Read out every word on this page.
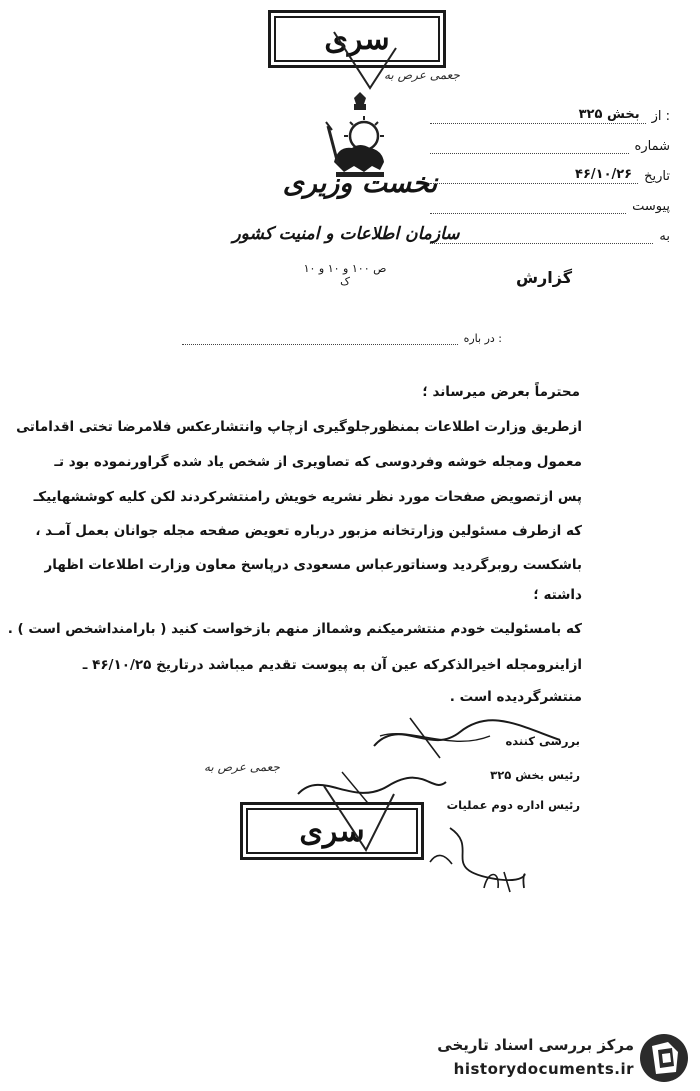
سری
جعمی عرص به
نخست وزیری
سازمان اطلاعات و امنیت کشور
ص ۱۰۰ و ۱۰ و ۱۰ ک
از :
بخش ۳۲۵
شماره
تاریخ
۴۶/۱۰/۲۶
پیوست
به
گزارش
در باره :
محترماً بعرض میرساند ؛
ازطریق وزارت اطلاعات بمنظورجلوگیری ازچاپ وانتشارعکس فلامرضا تختی اقداماتی
معمول ومجله خوشه وفردوسی که تصاویری از شخص یاد شده گراورنموده بود تـ
پس ازتصویض صفحات مورد نظر نشریه خویش رامنتشرکردند لکن کلیه کوششهاییکـ
که ازطرف مسئولین وزارتخانه مزبور درباره تعویض صفحه مجله جوانان بعمل آمـد ،
باشکست روبرگردید وسناتورعباس مسعودی درپاسخ معاون وزارت اطلاعات اظهار
داشته ؛
که بامسئولیت خودم منتشرمیکنم وشمااز منهم بازخواست کنید ( بارامنداشخص است ) .
ازاینرومجله اخیرالذکرکه عین آن به پیوست تقدیم میباشد درتاریخ ۴۶/۱۰/۲۵ ـ
منتشرگردیده است .
بررسی کننده
رئیس بخش ۳۲۵
رئیس اداره دوم عملیات
جعمی عرص به
سری
مرکز بررسی اسناد تاریخی
historydocuments.ir
